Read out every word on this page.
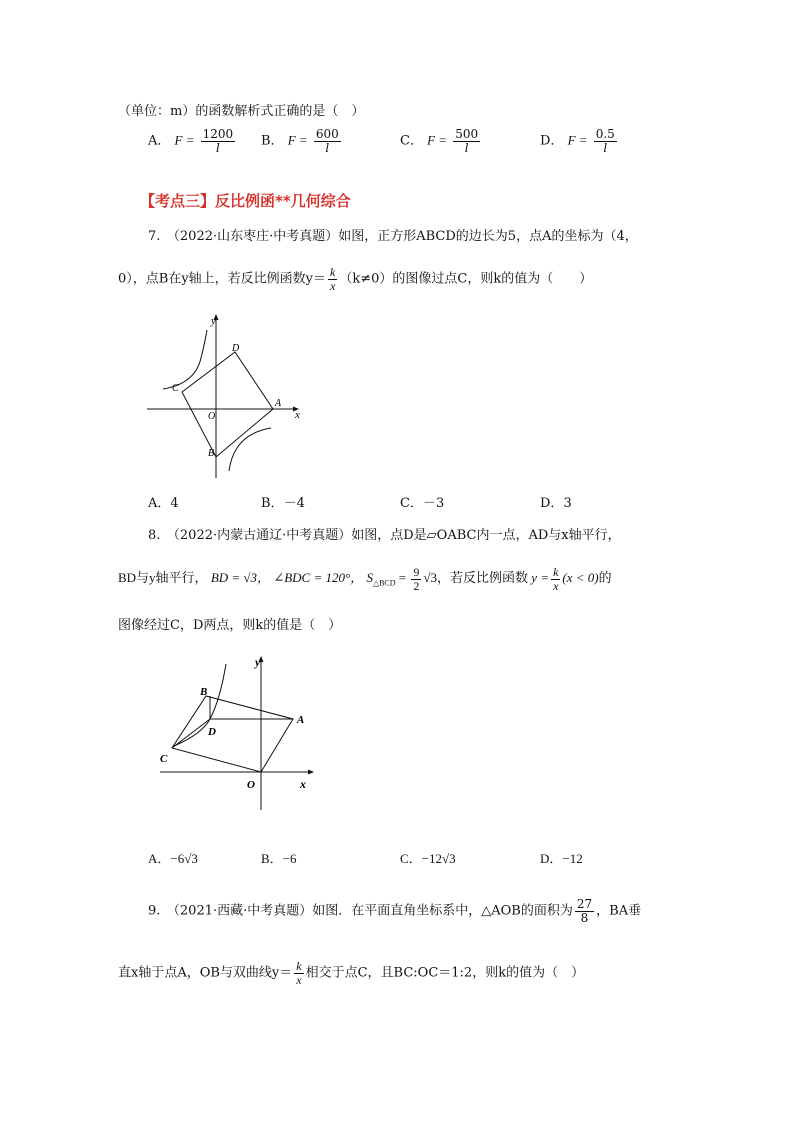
（单位：m）的函数解析式正确的是（　）
A． $F = \frac{1200}{l}$ B． $F = \frac{600}{l}$	C． $F = \frac{500}{l}$	D． $F = \frac{0.5}{l}$
【考点三】反比例函**几何综合
7.　（2022·山东枣庄·中考真题）如图，正方形ABCD的边长为5，点A的坐标为（4，
0），点B在y轴上，若反比例函数$y= \frac{k}{x} (k\ne 0)$的图像过点C，则k的值为（　　）
y
x
O
A
B
C
D
A．4	B．－4	C．－3	D．3
8.　（2022·内蒙古通辽·中考真题）如图，点D是▱OABC内一点，AD与x轴平行，
BD与y轴平行， BD = √3， ∠BDC = 120°， $S_{\triangle BCD} = \frac{9}{2} √3$，若反比例函数 $y = \frac{k}{x} (x < 0)$的
图像经过C，D两点，则k的值是（　）
y
x
O
A
B
C
D
A．−6√3	B．−6	C．−12√3	D．−12
9.　（2021·西藏·中考真题）如图．在平面直角坐标系中，△AOB的面积为 $\frac{27}{8}$ ，BA垂
直x轴于点A，OB与双曲线$y= \frac{k}{x}$ 相交于点C，且BC:OC＝1:2，则k的值为（　）
